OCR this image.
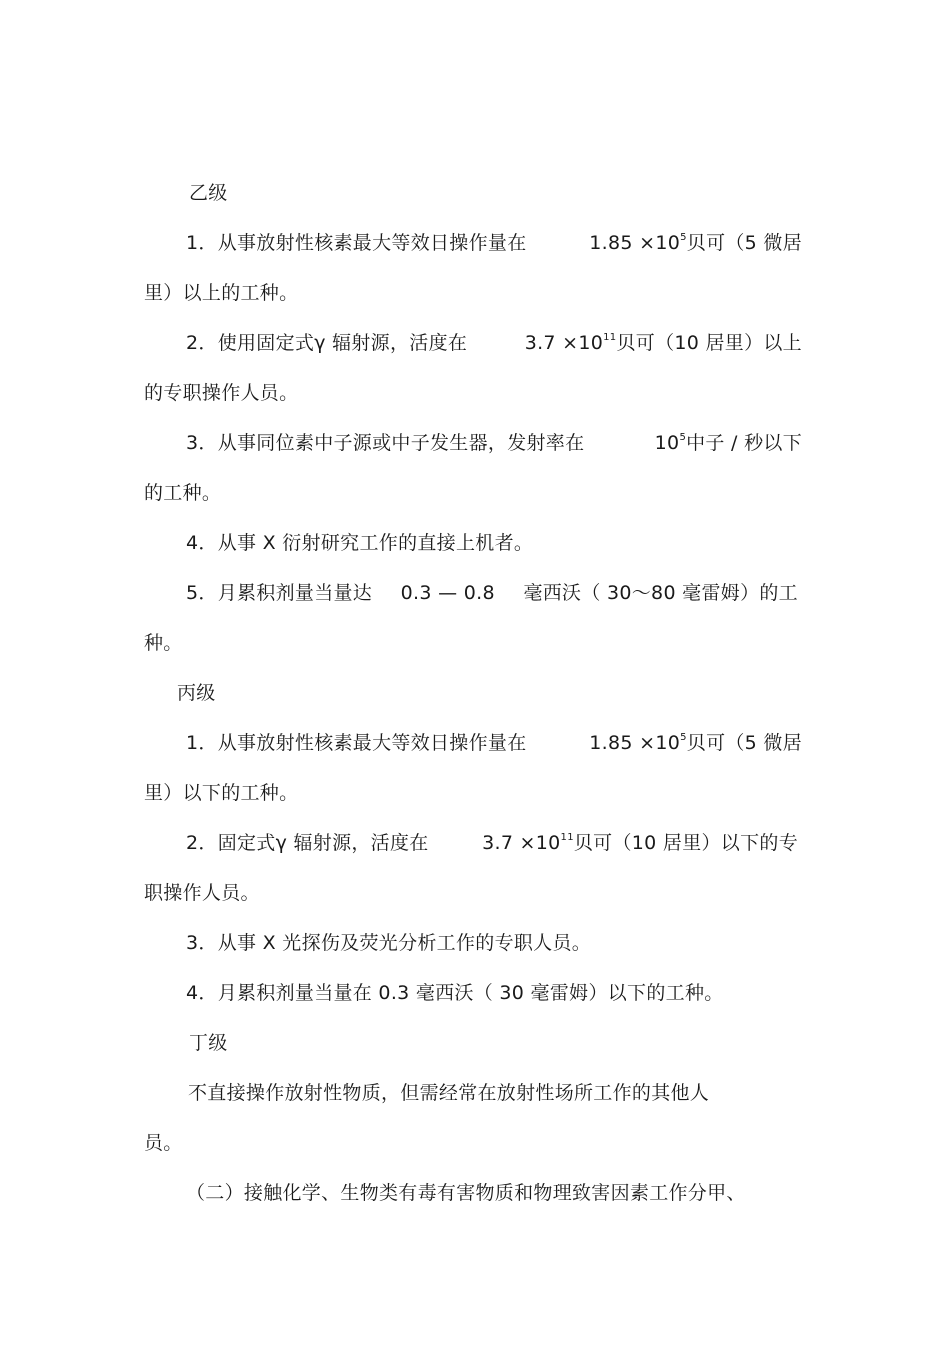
乙级
1．从事放射性核素最大等效日操作量在	$1.85 \times 10^5$贝可（5 微居
里）以上的工种。
2．使用固定式γ 辐射源，活度在	$3.7 \times 10^{11}$贝可（10 居里）以上
的专职操作人员。
3．从事同位素中子源或中子发生器，发射率在	$10^5$中子 / 秒以下
的工种。
4．从事 X 衍射研究工作的直接上机者。
5．月累积剂量当量达 0.3 — 0.8 毫西沃（ 30～80 毫雷姆）的工
种。
丙级
1．从事放射性核素最大等效日操作量在	$1.85 \times 10^5$贝可（5 微居
里）以下的工种。
2．固定式γ 辐射源，活度在	$3.7 \times 10^{11}$贝可（10 居里）以下的专
职操作人员。
3．从事 X 光探伤及荧光分析工作的专职人员。
4．月累积剂量当量在 0.3 毫西沃（ 30 毫雷姆）以下的工种。
丁级
不直接操作放射性物质，但需经常在放射性场所工作的其他人
员。
（二）接触化学、生物类有毒有害物质和物理致害因素工作分甲、
